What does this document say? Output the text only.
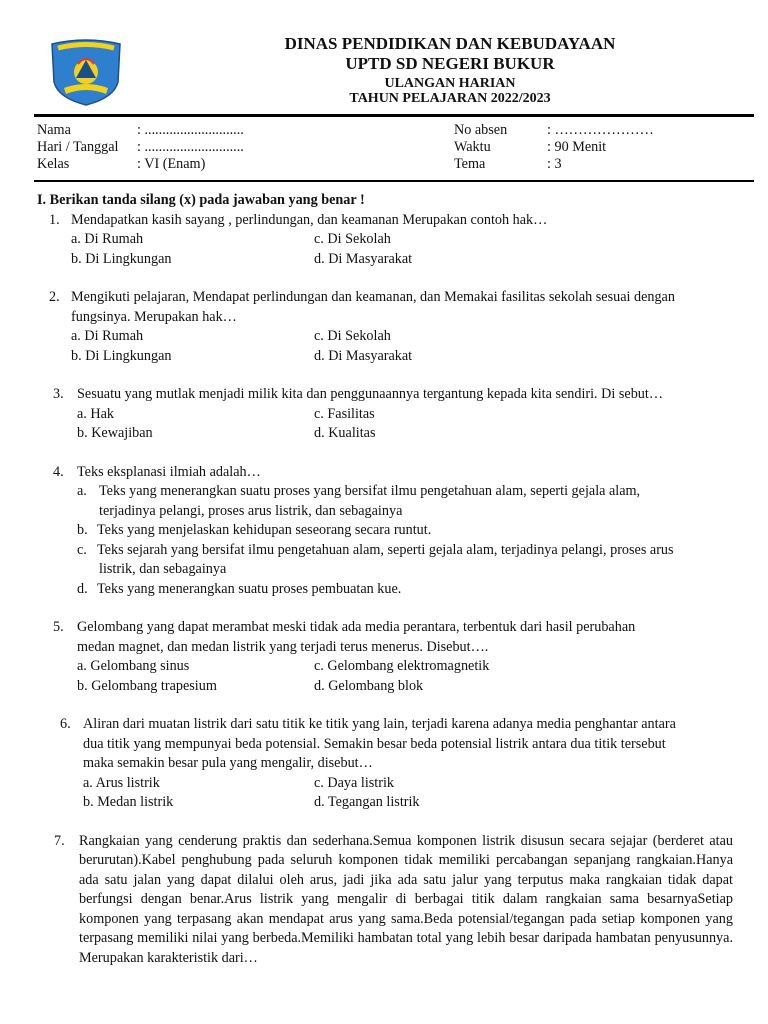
DINAS PENDIDIKAN DAN KEBUDAYAAN
UPTD SD NEGERI BUKUR
ULANGAN HARIAN
TAHUN PELAJARAN 2022/2023
Nama	: ............................	No absen	: …………………
Hari / Tanggal : ............................	Waktu	: 90 Menit
Kelas	: VI (Enam)	Tema	: 3

I. Berikan tanda silang (x) pada jawaban yang benar !

1. Mendapatkan kasih sayang , perlindungan, dan keamanan Merupakan contoh hak…
a. Di Rumah	c. Di Sekolah
b. Di Lingkungan	d. Di Masyarakat
2. Mengikuti pelajaran, Mendapat perlindungan dan keamanan, dan Memakai fasilitas sekolah sesuai dengan
fungsinya. Merupakan hak…
a. Di Rumah	c. Di Sekolah
b. Di Lingkungan	d. Di Masyarakat
3. Sesuatu yang mutlak menjadi milik kita dan penggunaannya tergantung kepada kita sendiri. Di sebut…
a. Hak	c. Fasilitas
b. Kewajiban	d. Kualitas
4. Teks eksplanasi ilmiah adalah…
a. Teks yang menerangkan suatu proses yang bersifat ilmu pengetahuan alam, seperti gejala alam,
terjadinya pelangi, proses arus listrik, dan sebagainya
b. Teks yang menjelaskan kehidupan seseorang secara runtut.
c. Teks sejarah yang bersifat ilmu pengetahuan alam, seperti gejala alam, terjadinya pelangi, proses arus
listrik, dan sebagainya
d. Teks yang menerangkan suatu proses pembuatan kue.
5. Gelombang yang dapat merambat meski tidak ada media perantara, terbentuk dari hasil perubahan
medan magnet, dan medan listrik yang terjadi terus menerus. Disebut….
a. Gelombang sinus	c. Gelombang elektromagnetik
b. Gelombang trapesium	d. Gelombang blok
6. Aliran dari muatan listrik dari satu titik ke titik yang lain, terjadi karena adanya media penghantar antara
dua titik yang mempunyai beda potensial. Semakin besar beda potensial listrik antara dua titik tersebut
maka semakin besar pula yang mengalir, disebut…
a. Arus listrik	c. Daya listrik
b. Medan listrik	d. Tegangan listrik
7. Rangkaian yang cenderung praktis dan sederhana.Semua komponen listrik disusun secara sejajar (berderet atau berurutan).Kabel penghubung pada seluruh komponen tidak memiliki percabangan sepanjang rangkaian.Hanya ada satu jalan yang dapat dilalui oleh arus, jadi jika ada satu jalur yang terputus maka rangkaian tidak dapat berfungsi dengan benar.Arus listrik yang mengalir di berbagai titik dalam rangkaian sama besarnyaSetiap komponen yang terpasang akan mendapat arus yang sama.Beda potensial/tegangan pada setiap komponen yang terpasang memiliki nilai yang berbeda.Memiliki hambatan total yang lebih besar daripada hambatan penyusunnya. Merupakan karakteristik dari…
